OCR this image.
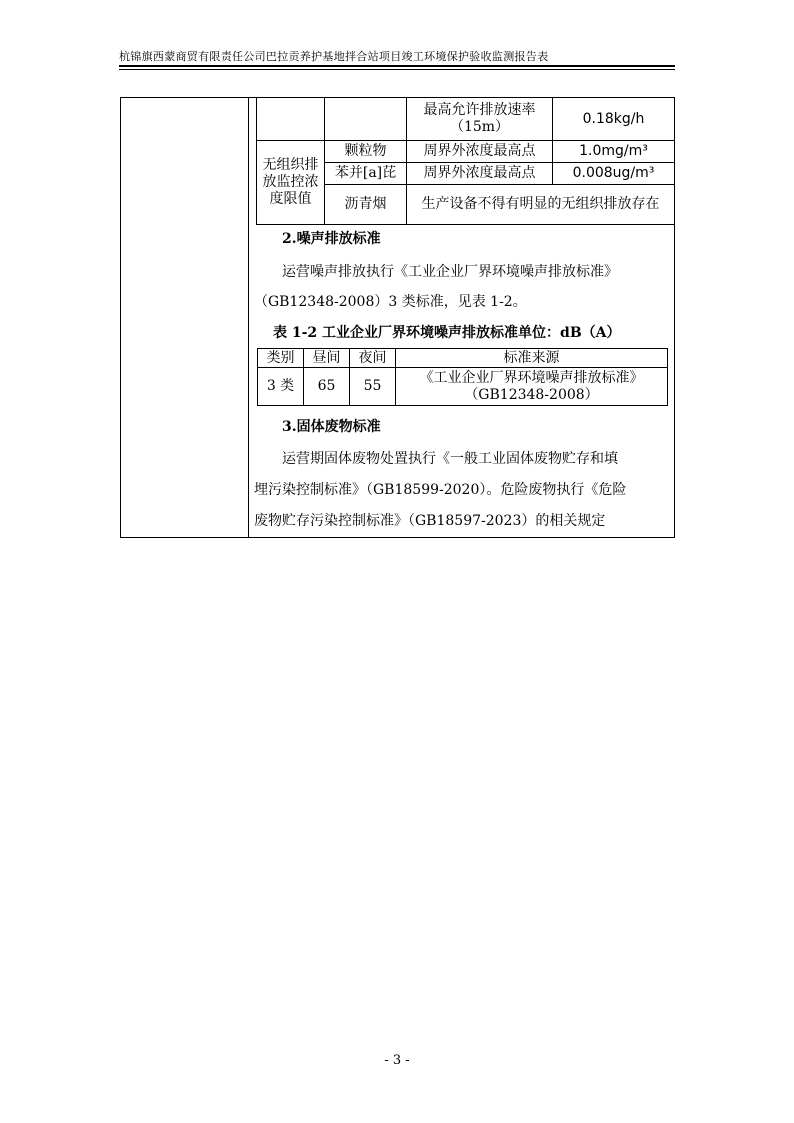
杭锦旗西蒙商贸有限责任公司巴拉贡养护基地拌合站项目竣工环境保护验收监测报告表
		最高允许排放速率（15m）	0.18kg/h
无组织排放监控浓度限值	颗粒物	周界外浓度最高点	1.0mg/m³
	苯并[a]芘	周界外浓度最高点	0.008ug/m³
	沥青烟	生产设备不得有明显的无组织排放存在	
2.噪声排放标准
运营噪声排放执行《工业企业厂界环境噪声排放标准》
（GB12348-2008）3 类标准，见表 1-2。
表 1-2 工业企业厂界环境噪声排放标准单位：dB（A）
类别	昼间	夜间	标准来源
3 类	65	55	《工业企业厂界环境噪声排放标准》（GB12348-2008）
3.固体废物标准
运营期固体废物处置执行《一般工业固体废物贮存和填
埋污染控制标准》（GB18599-2020）。危险废物执行《危险
废物贮存污染控制标准》（GB18597-2023）的相关规定
- 3 -
